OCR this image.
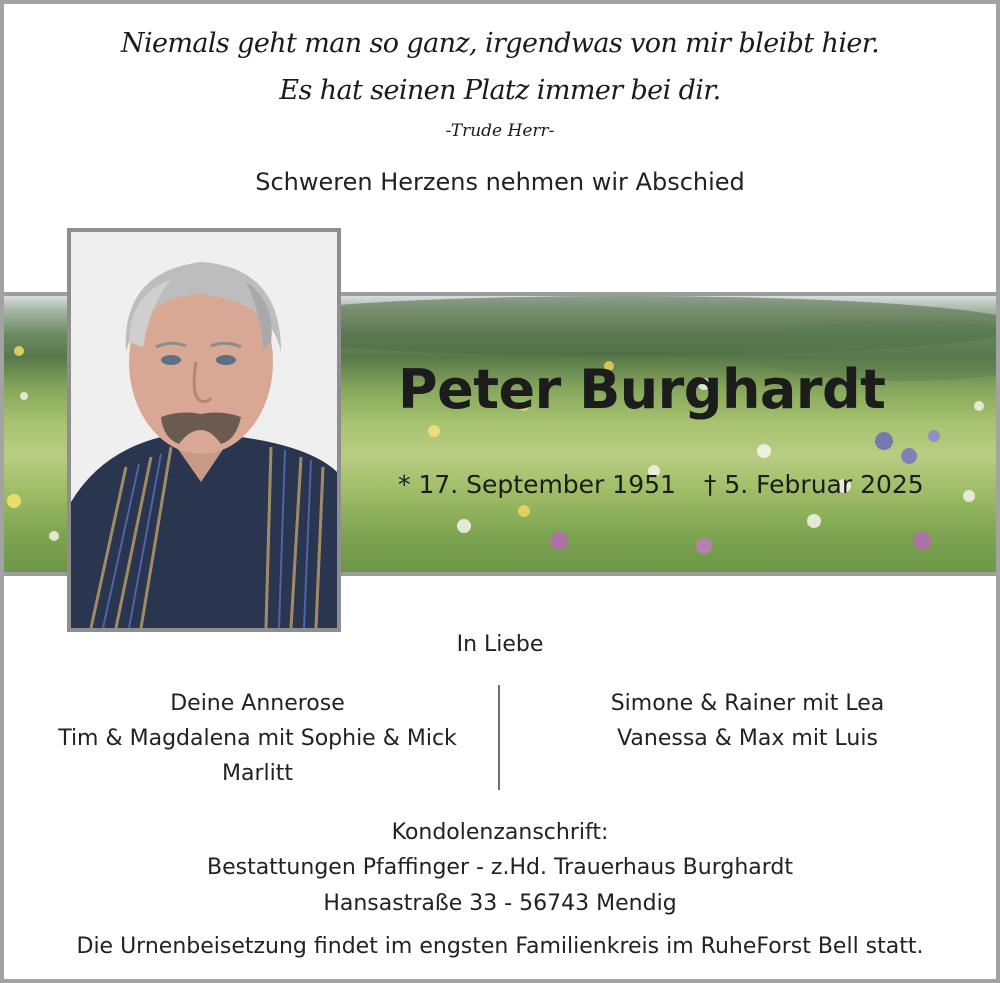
Niemals geht man so ganz, irgendwas von mir bleibt hier.
Es hat seinen Platz immer bei dir.
-Trude Herr-
Schweren Herzens nehmen wir Abschied
Peter Burghardt
* 17. September 1951 † 5. Februar 2025
In Liebe
Deine Annerose
Tim & Magdalena mit Sophie & Mick
Marlitt
Simone & Rainer mit Lea
Vanessa & Max mit Luis
Kondolenzanschrift:
Bestattungen Pfaffinger - z.Hd. Trauerhaus Burghardt
Hansastraße 33 - 56743 Mendig
Die Urnenbeisetzung findet im engsten Familienkreis im RuheForst Bell statt.
